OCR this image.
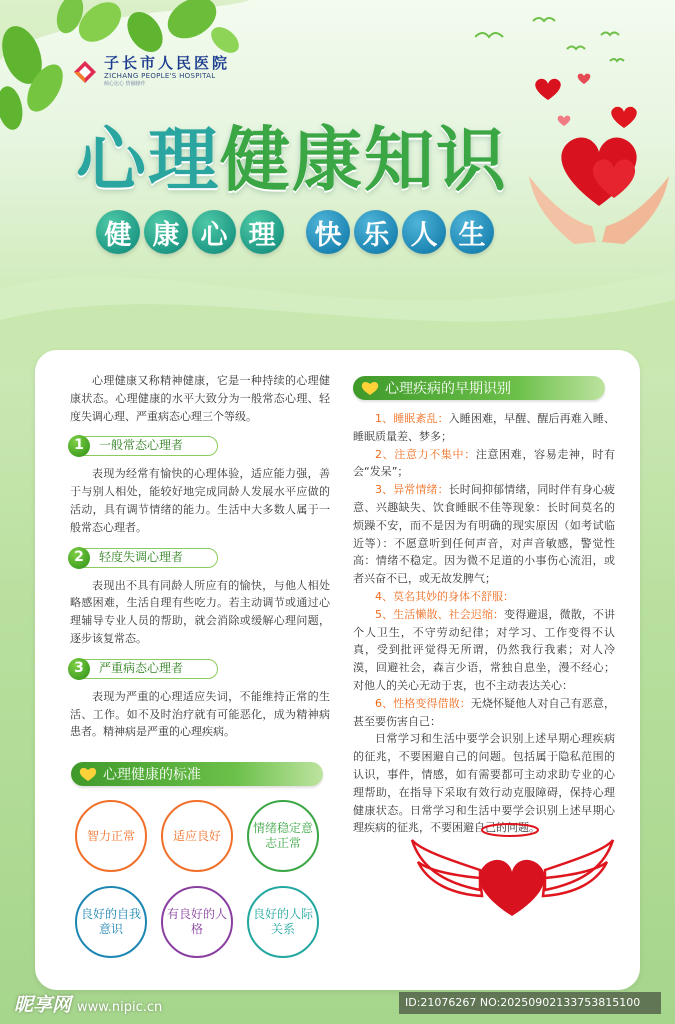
子长市人民医院
ZICHANG PEOPLE'S HOSPITAL
倾心比心 情融操作
心理健康知识
健 康 心 理	快 乐 人 生

心理健康又称精神健康，它是一种持续的心理健康状态。心理健康的水平大致分为一般常态心理、轻度失调心理、严重病态心理三个等级。

1	一般常态心理者

表现为经常有愉快的心理体验，适应能力强，善于与别人相处，能较好地完成同龄人发展水平应做的活动，具有调节情绪的能力。生活中大多数人属于一般常态心理者。

2	轻度失调心理者

表现出不具有同龄人所应有的愉快，与他人相处略感困难，生活自理有些吃力。若主动调节或通过心理辅导专业人员的帮助，就会消除或缓解心理问题，逐步该复常态。

3	严重病态心理者

表现为严重的心理适应失词，不能维持正常的生活、工作。如不及时治疗就有可能恶化，成为精神病患者。精神病是严重的心理疾病。

心理健康的标准
智力正常	适应良好
情绪稳定意志正常
良好的自我意识
有良好的人格
良好的人际关系
心理疾病的早期识别

1、睡眠紊乱：入睡困难，早醒、醒后再难入睡、睡眠质量差、梦多；

2、注意力不集中：注意困难，容易走神，时有会“发呆”；

3、异常情绪：长时间抑郁情绪，同时伴有身心疲意、兴趣缺失、饮食睡眠不佳等现象：长时间莫名的烦躁不安，而不是因为有明确的现实原因（如考试临近等）：不愿意听到任何声音，对声音敏感，警觉性高：情绪不稳定。因为微不足道的小事伤心流泪，或者兴奋不已，或无故发脾气；

4、莫名其妙的身体不舒服：

5、生活懒散、社会迟缩：变得避退，微散，不讲个人卫生，不守劳动纪律；对学习、工作变得不认真，受到批评觉得无所谓，仍然我行我素；对人冷漠，回避社会，森言少语，常独自息坐，漫不经心；对他人的关心无动于衷，也不主动表达关心：

6、性格变得借散：无烧怀疑他人对自己有恶意，甚至要伤害自己：

日常学习和生活中要学会识别上述早期心理疾病的征兆，不要困避自己的问题。包括属于隐私范围的认识，事件，情感，如有需要都可主动求助专业的心理帮助，在指导下采取有效行动克服障碍，保持心理健康状态。日常学习和生活中要学会识别上述早期心理疾病的征兆，不要困避自己的问题。

昵享网 www.nipic.cn	ID:21076267 NO:20250902133753815100
